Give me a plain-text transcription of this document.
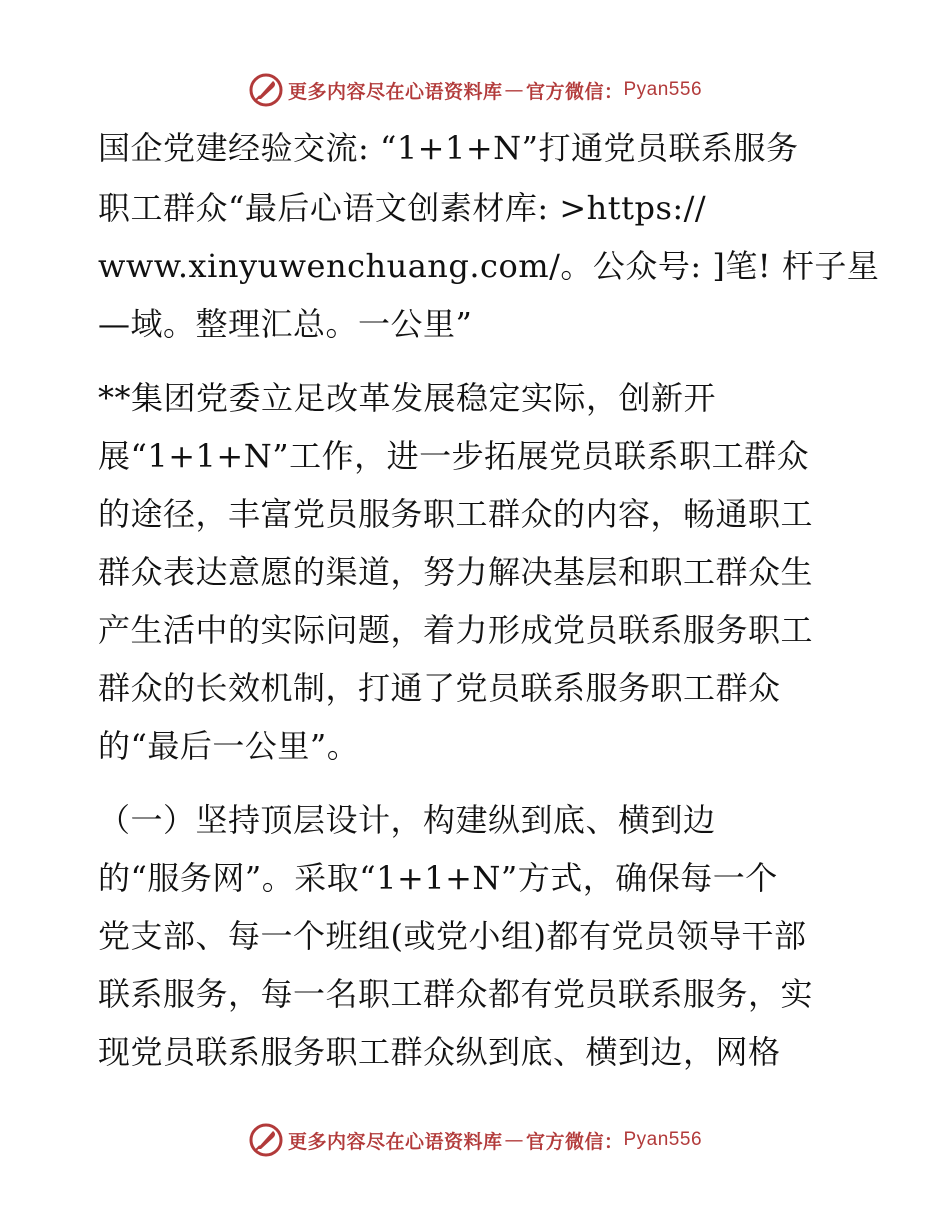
更多内容尽在心语资料库 — 官方微信： Pyan556
国企党建经验交流: “1+1+N”打通党员联系服务
职工群众“最后心语文创素材库: >https://
www.xinyuwenchuang.com/。公众号: ]笔! 杆子星
—域。整理汇总。一公里”
**集团党委立足改革发展稳定实际，创新开
展“1+1+N”工作，进一步拓展党员联系职工群众
的途径，丰富党员服务职工群众的内容，畅通职工
群众表达意愿的渠道，努力解决基层和职工群众生
产生活中的实际问题，着力形成党员联系服务职工
群众的长效机制，打通了党员联系服务职工群众
的“最后一公里”。
（一）坚持顶层设计，构建纵到底、横到边
的“服务网”。采取“1+1+N”方式，确保每一个
党支部、每一个班组(或党小组)都有党员领导干部
联系服务，每一名职工群众都有党员联系服务，实
现党员联系服务职工群众纵到底、横到边，网格
更多内容尽在心语资料库 — 官方微信： Pyan556
